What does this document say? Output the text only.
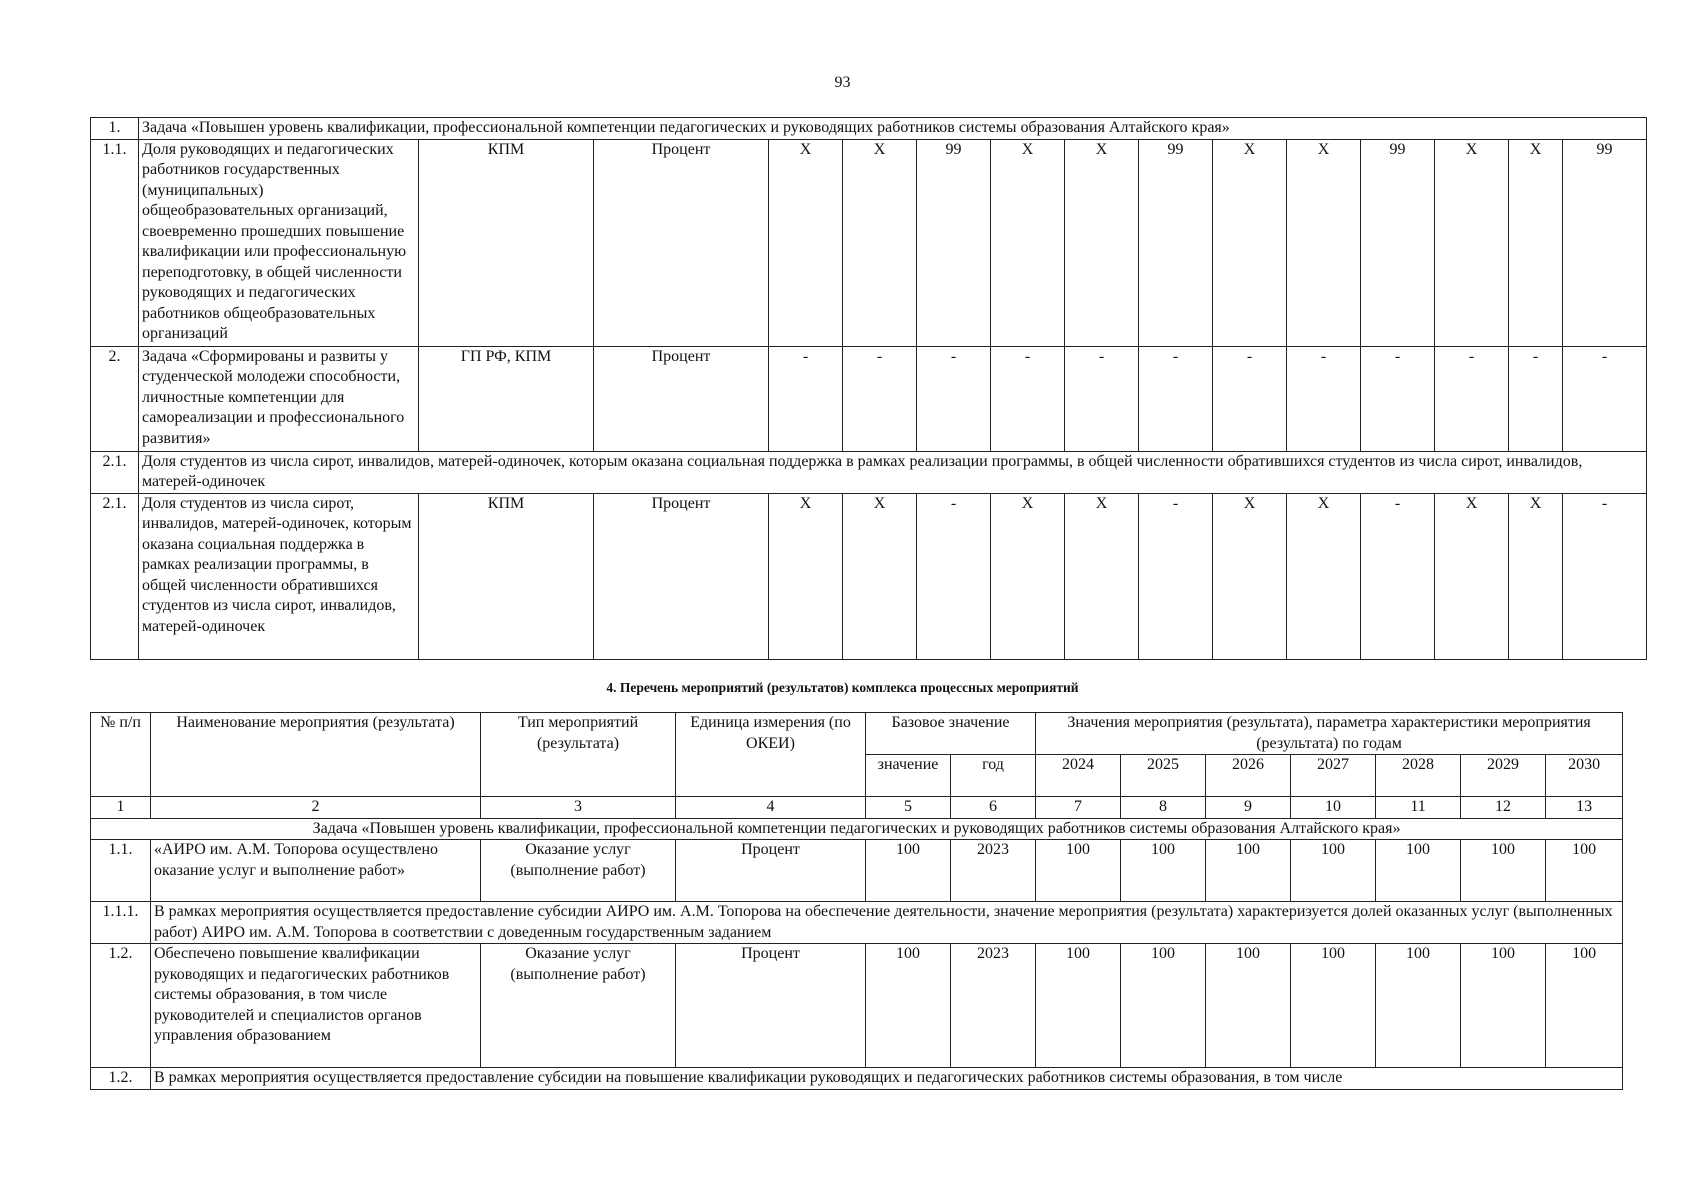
93
1.	Задача «Повышен уровень квалификации, профессиональной компетенции педагогических и руководящих работников системы образования Алтайского края»														
1.1.	Доля руководящих и педагогических работников государственных (муниципальных) общеобразовательных организаций, своевременно прошедших повышение квалификации или профессиональную переподготовку, в общей численности руководящих и педагогических работников общеобразовательных организаций	КПМ	Процент	X	X	99	X	X	99	X	X	99	X	X	99
2.	Задача «Сформированы и развиты у студенческой молодежи способности, личностные компетенции для самореализации и профессионального развития»	ГП РФ, КПМ	Процент	-	-	-	-	-	-	-	-	-	-	-	-
2.1.	Доля студентов из числа сирот, инвалидов, матерей-одиночек, которым оказана социальная поддержка в рамках реализации программы, в общей численности обратившихся студентов из числа сирот, инвалидов, матерей-одиночек														
2.1.	Доля студентов из числа сирот, инвалидов, матерей-одиночек, которым оказана социальная поддержка в рамках реализации программы, в общей численности обратившихся студентов из числа сирот, инвалидов, матерей-одиночек	КПМ	Процент	X	X	-	X	X	-	X	X	-	X	X	-
4. Перечень мероприятий (результатов) комплекса процессных мероприятий
№ п/п	Наименование мероприятия (результата)	Тип мероприятий (результата)	Единица измерения (по ОКЕИ)	Базовое значение		Значения мероприятия (результата), параметра характеристики мероприятия (результата) по годам						
				значение	год	2024	2025	2026	2027	2028	2029	2030
1	2	3	4	5	6	7	8	9	10	11	12	13
Задача «Повышен уровень квалификации, профессиональной компетенции педагогических и руководящих работников системы образования Алтайского края»												
1.1.	«АИРО им. А.М. Топорова осуществлено оказание услуг и выполнение работ»	Оказание услуг (выполнение работ)	Процент	100	2023	100	100	100	100	100	100	100
1.1.1.	В рамках мероприятия осуществляется предоставление субсидии АИРО им. А.М. Топорова на обеспечение деятельности, значение мероприятия (результата) характеризуется долей оказанных услуг (выполненных работ) АИРО им. А.М. Топорова в соответствии с доведенным государственным заданием											
1.2.	Обеспечено повышение квалификации руководящих и педагогических работников системы образования, в том числе руководителей и специалистов органов управления образованием	Оказание услуг (выполнение работ)	Процент	100	2023	100	100	100	100	100	100	100
1.2.	В рамках мероприятия осуществляется предоставление субсидии на повышение квалификации руководящих и педагогических работников системы образования, в том числе											
